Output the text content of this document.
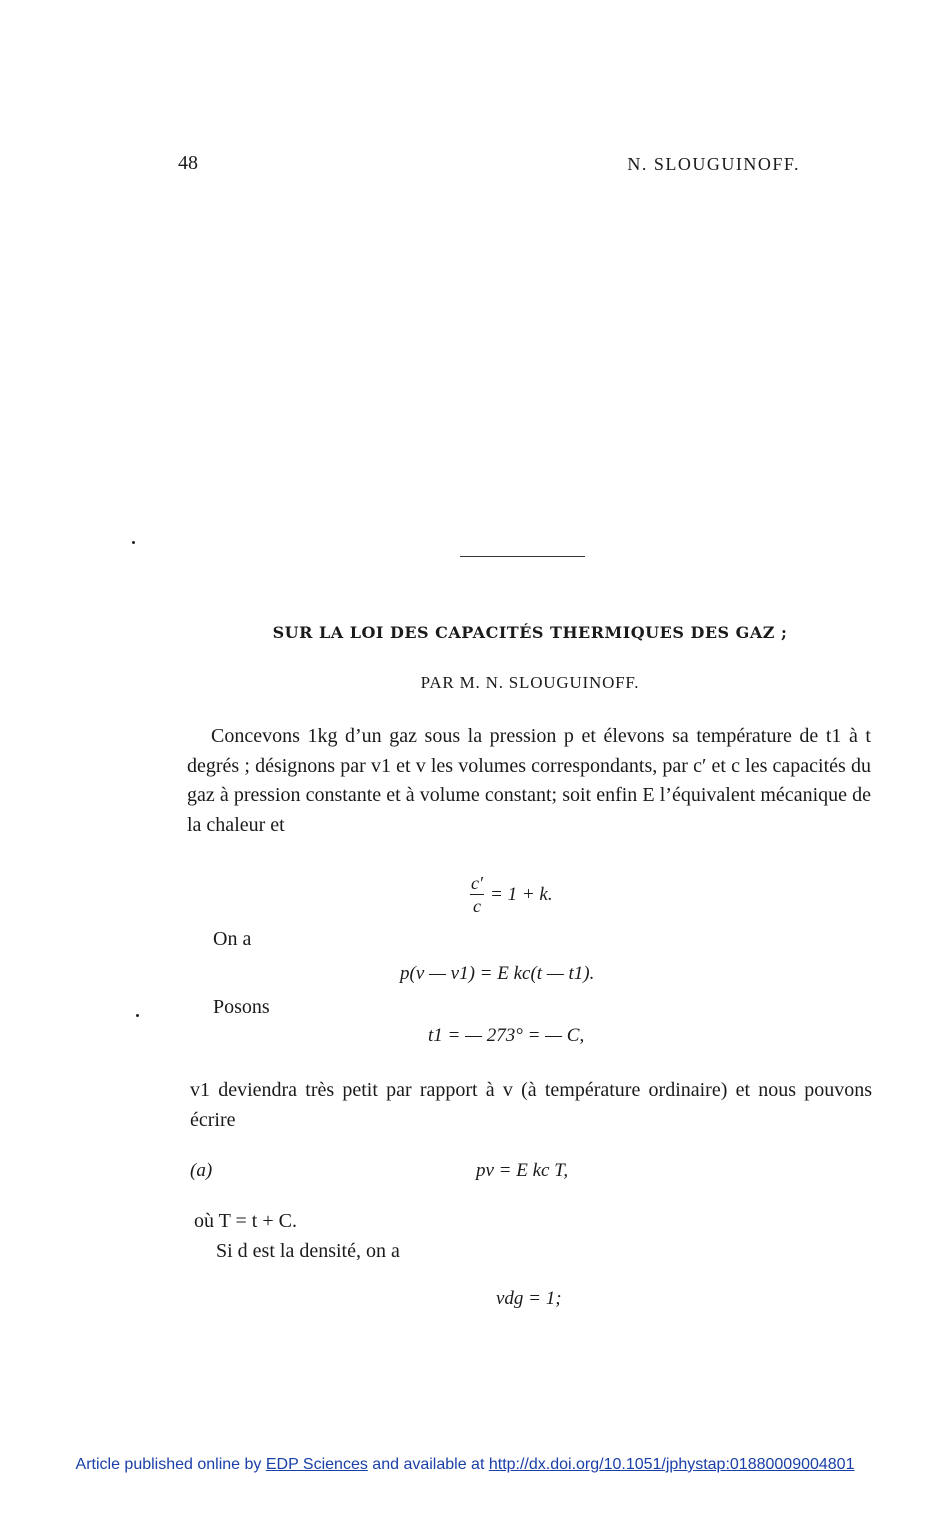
48	N. SLOUGUINOFF.
SUR LA LOI DES CAPACITÉS THERMIQUES DES GAZ ;
PAR M. N. SLOUGUINOFF.
Concevons 1kg d’un gaz sous la pression p et élevons sa température de t1 à t degrés ; désignons par v1 et v les volumes correspondants, par c′ et c les capacités du gaz à pression constante et à volume constant; soit enfin E l’équivalent mécanique de la chaleur et
$\frac{c'}{c} = 1 + k$.
On a
p(v — v1) = E kc(t — t1).
Posons
t1 = — 273° = — C,
v1 deviendra très petit par rapport à v (à température ordinaire) et nous pouvons écrire
(a)	pv = E kc T,
où T = t + C.
Si d est la densité, on a
vdg = 1;
Article published online by EDP Sciences and available at http://dx.doi.org/10.1051/jphystap:01880009004801
